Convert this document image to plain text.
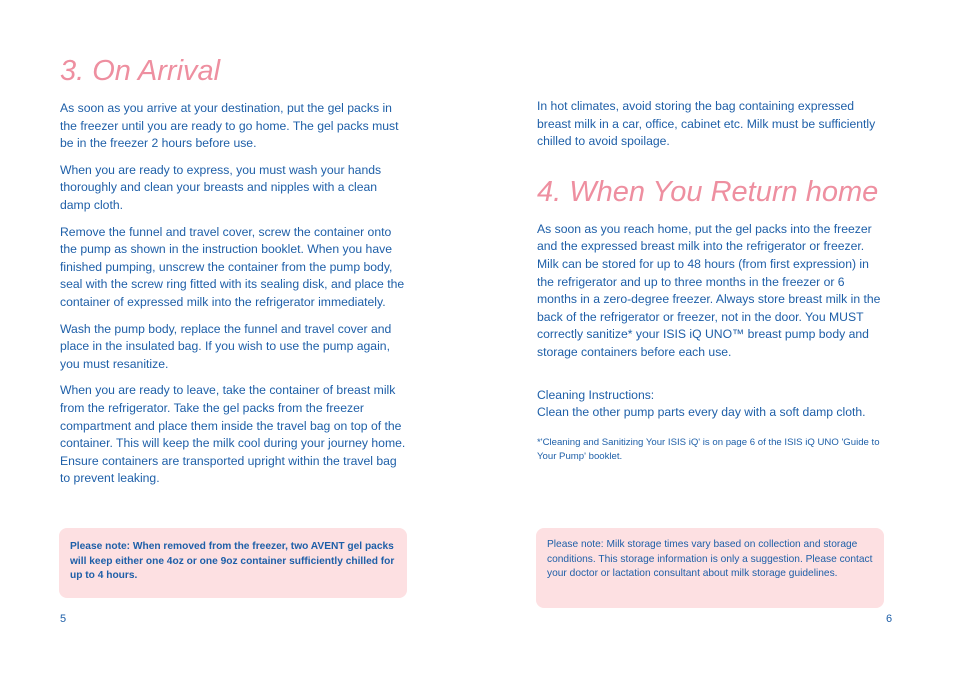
3. On Arrival

As soon as you arrive at your destination, put the gel packs in the freezer until you are ready to go home. The gel packs must be in the freezer 2 hours before use.

When you are ready to express, you must wash your hands thoroughly and clean your breasts and nipples with a clean damp cloth.

Remove the funnel and travel cover, screw the container onto the pump as shown in the instruction booklet. When you have finished pumping, unscrew the container from the pump body, seal with the screw ring fitted with its sealing disk, and place the container of expressed milk into the refrigerator immediately.

Wash the pump body, replace the funnel and travel cover and place in the insulated bag. If you wish to use the pump again, you must resanitize.

When you are ready to leave, take the container of breast milk from the refrigerator. Take the gel packs from the freezer compartment and place them inside the travel bag on top of the container. This will keep the milk cool during your journey home. Ensure containers are transported upright within the travel bag to prevent leaking.

Please note: When removed from the freezer, two AVENT gel packs will keep either one 4oz or one 9oz container sufficiently chilled for up to 4 hours.
5

In hot climates, avoid storing the bag containing expressed breast milk in a car, office, cabinet etc. Milk must be sufficiently chilled to avoid spoilage.

4. When You Return home

As soon as you reach home, put the gel packs into the freezer and the expressed breast milk into the refrigerator or freezer. Milk can be stored for up to 48 hours (from first expression) in the refrigerator and up to three months in the freezer or 6 months in a zero-degree freezer. Always store breast milk in the back of the refrigerator or freezer, not in the door. You MUST correctly sanitize* your ISIS iQ UNO™ breast pump body and storage containers before each use.

Cleaning Instructions:

Clean the other pump parts every day with a soft damp cloth.

*'Cleaning and Sanitizing Your ISIS iQ' is on page 6 of the ISIS iQ UNO 'Guide to Your Pump' booklet.
Please note: Milk storage times vary based on collection and storage conditions. This storage information is only a suggestion. Please contact your doctor or lactation consultant about milk storage guidelines.
6
